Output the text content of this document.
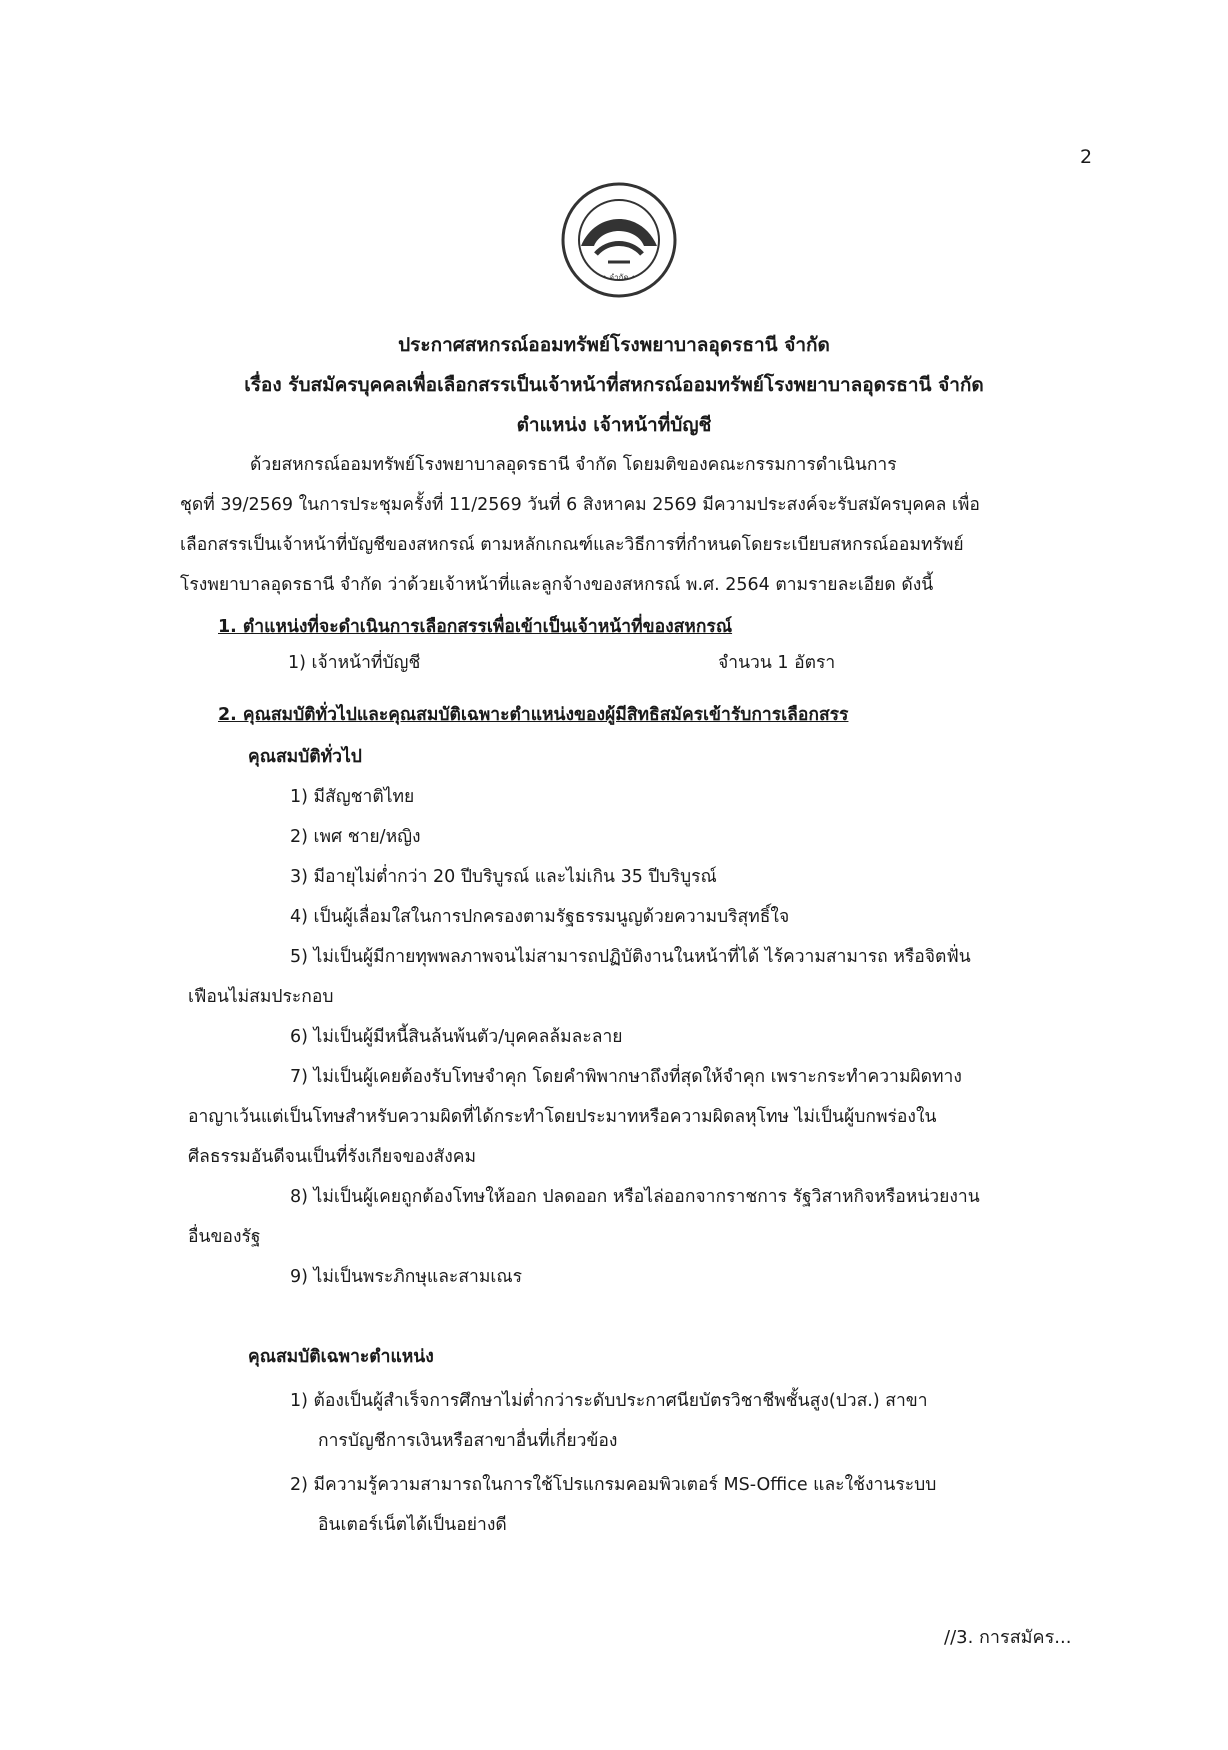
2
• จำกัด •
ประกาศสหกรณ์ออมทรัพย์โรงพยาบาลอุดรธานี จำกัด
เรื่อง รับสมัครบุคคลเพื่อเลือกสรรเป็นเจ้าหน้าที่สหกรณ์ออมทรัพย์โรงพยาบาลอุดรธานี จำกัด
ตำแหน่ง เจ้าหน้าที่บัญชี
ด้วยสหกรณ์ออมทรัพย์โรงพยาบาลอุดรธานี จำกัด โดยมติของคณะกรรมการดำเนินการ
ชุดที่ 39/2569 ในการประชุมครั้งที่ 11/2569 วันที่ 6 สิงหาคม 2569 มีความประสงค์จะรับสมัครบุคคล เพื่อ
เลือกสรรเป็นเจ้าหน้าที่บัญชีของสหกรณ์ ตามหลักเกณฑ์และวิธีการที่กำหนดโดยระเบียบสหกรณ์ออมทรัพย์
โรงพยาบาลอุดรธานี จำกัด ว่าด้วยเจ้าหน้าที่และลูกจ้างของสหกรณ์ พ.ศ. 2564 ตามรายละเอียด ดังนี้
1. ตำแหน่งที่จะดำเนินการเลือกสรรเพื่อเข้าเป็นเจ้าหน้าที่ของสหกรณ์
1) เจ้าหน้าที่บัญชี	จำนวน 1 อัตรา
2. คุณสมบัติทั่วไปและคุณสมบัติเฉพาะตำแหน่งของผู้มีสิทธิสมัครเข้ารับการเลือกสรร
คุณสมบัติทั่วไป
1) มีสัญชาติไทย
2) เพศ ชาย/หญิง
3) มีอายุไม่ต่ำกว่า 20 ปีบริบูรณ์ และไม่เกิน 35 ปีบริบูรณ์
4) เป็นผู้เลื่อมใสในการปกครองตามรัฐธรรมนูญด้วยความบริสุทธิ์ใจ
5) ไม่เป็นผู้มีกายทุพพลภาพจนไม่สามารถปฏิบัติงานในหน้าที่ได้ ไร้ความสามารถ หรือจิตฟั่น
เฟือนไม่สมประกอบ
6) ไม่เป็นผู้มีหนี้สินล้นพ้นตัว/บุคคลล้มละลาย
7) ไม่เป็นผู้เคยต้องรับโทษจำคุก โดยคำพิพากษาถึงที่สุดให้จำคุก เพราะกระทำความผิดทาง
อาญาเว้นแต่เป็นโทษสำหรับความผิดที่ได้กระทำโดยประมาทหรือความผิดลหุโทษ ไม่เป็นผู้บกพร่องใน
ศีลธรรมอันดีจนเป็นที่รังเกียจของสังคม
8) ไม่เป็นผู้เคยถูกต้องโทษให้ออก ปลดออก หรือไล่ออกจากราชการ รัฐวิสาหกิจหรือหน่วยงาน
อื่นของรัฐ
9) ไม่เป็นพระภิกษุและสามเณร
คุณสมบัติเฉพาะตำแหน่ง
1) ต้องเป็นผู้สำเร็จการศึกษาไม่ต่ำกว่าระดับประกาศนียบัตรวิชาชีพชั้นสูง(ปวส.) สาขา
การบัญชีการเงินหรือสาขาอื่นที่เกี่ยวข้อง
2) มีความรู้ความสามารถในการใช้โปรแกรมคอมพิวเตอร์ MS-Office และใช้งานระบบ
อินเตอร์เน็ตได้เป็นอย่างดี
//3. การสมัคร...
